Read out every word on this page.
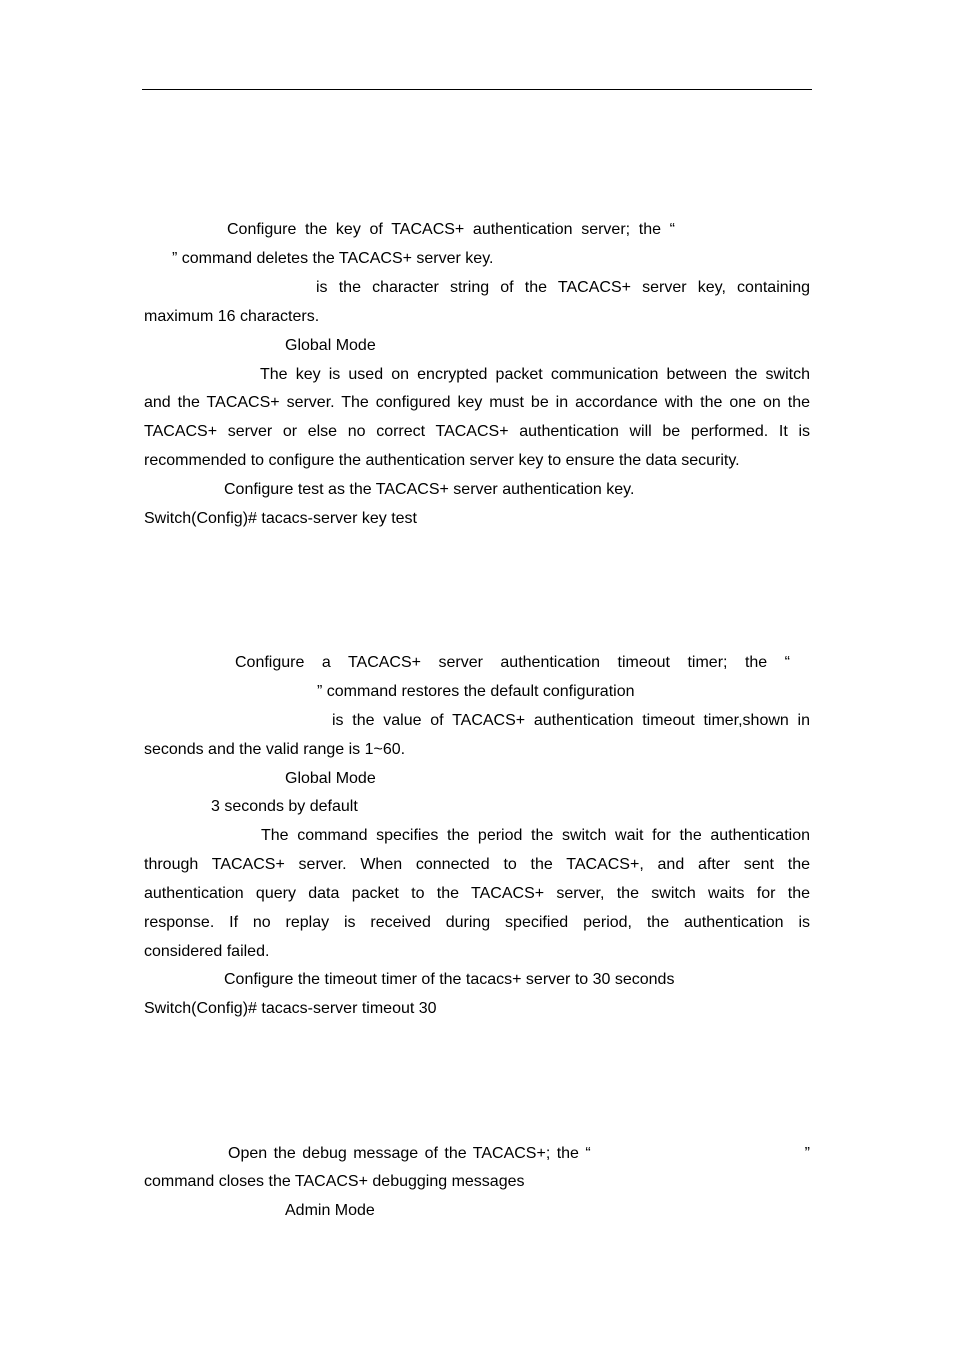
Configure the key of TACACS+ authentication server; the “
” command deletes the TACACS+ server key.
is the character string of the TACACS+ server key, containing
maximum 16 characters.
Global Mode
The key is used on encrypted packet communication between the switch
and the TACACS+ server. The configured key must be in accordance with the one on the
TACACS+ server or else no correct TACACS+ authentication will be performed. It is
recommended to configure the authentication server key to ensure the data security.
Configure test as the TACACS+ server authentication key.
Switch(Config)# tacacs-server key test
Configure a TACACS+ server authentication timeout timer; the “
” command restores the default configuration
is the value of TACACS+ authentication timeout timer,shown in
seconds and the valid range is 1~60.
Global Mode
3 seconds by default
The command specifies the period the switch wait for the authentication
through TACACS+ server. When connected to the TACACS+, and after sent the
authentication query data packet to the TACACS+ server, the switch waits for the
response. If no replay is received during specified period, the authentication is
considered failed.
Configure the timeout timer of the tacacs+ server to 30 seconds
Switch(Config)# tacacs-server timeout 30
Open the debug message of the TACACS+; the “	”
command closes the TACACS+ debugging messages
Admin Mode
